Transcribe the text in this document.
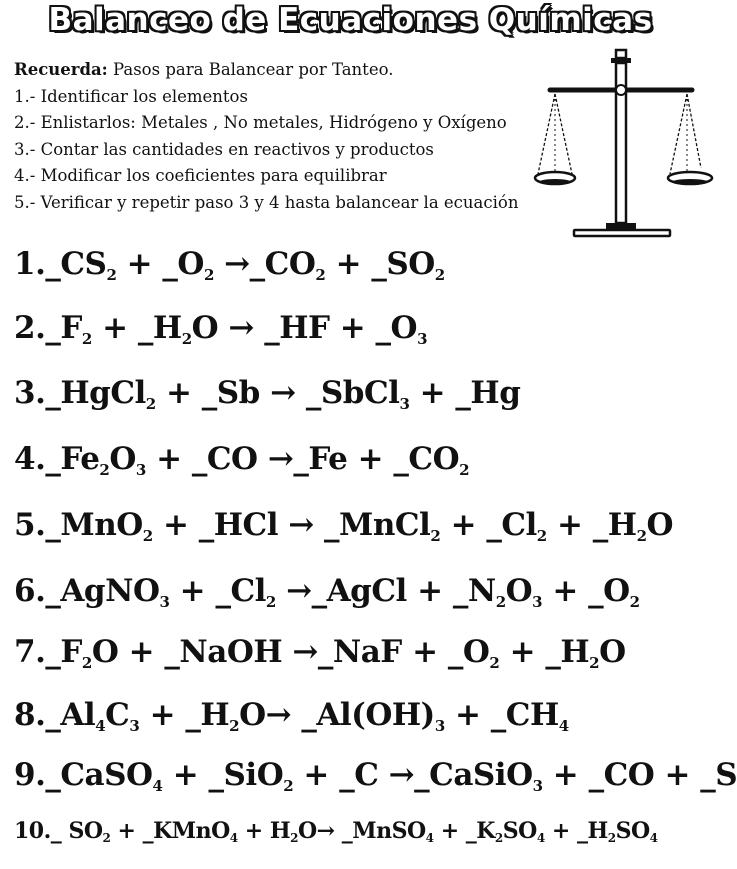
Balanceo de Ecuaciones Químicas
Recuerda: Pasos para Balancear por Tanteo.
1.- Identificar los elementos
2.- Enlistarlos: Metales , No metales, Hidrógeno y Oxígeno
3.- Contar las cantidades en reactivos y productos
4.- Modificar los coeficientes para equilibrar
5.- Verificar y repetir paso 3 y 4 hasta balancear la ecuación
$1.\_CS_2$ + $\_O_2$ $\to\_CO_2$ + $\_SO_2$
$2.\_F_2$ + $\_H_2O$ → _HF + $\_O_3$
3._HgCl$_2$ + _Sb → _SbCl$_3$ + _Hg
$4.\_Fe_2O_3$ + _CO →_Fe + $\_CO_2$
5._MnO$_2$ + _HCl → _MnCl$_2$ + $\_Cl_2$ + $\_H_2O$
6._AgNO$_3$ + $\_Cl_2$ →_AgCl + $\_N_2O_3$ + $\_O_2$
$7.\_F_2O$ + _NaOH →_NaF + $\_O_2$ + $\_H_2O$
$8.\_Al_4C_3$ + $\_H_2O\to$ $\_Al(OH)_3$ + $\_CH_4$
9._CaSO$_4$ + _SiO$_2$ + _C →_CaSiO$_3$ + _CO + _S
10._ $SO_2$ + _KMnO$_4$ + $H_2O\to$ _MnSO$_4$ + $\_K_2SO_4$ + $\_H_2SO_4$
